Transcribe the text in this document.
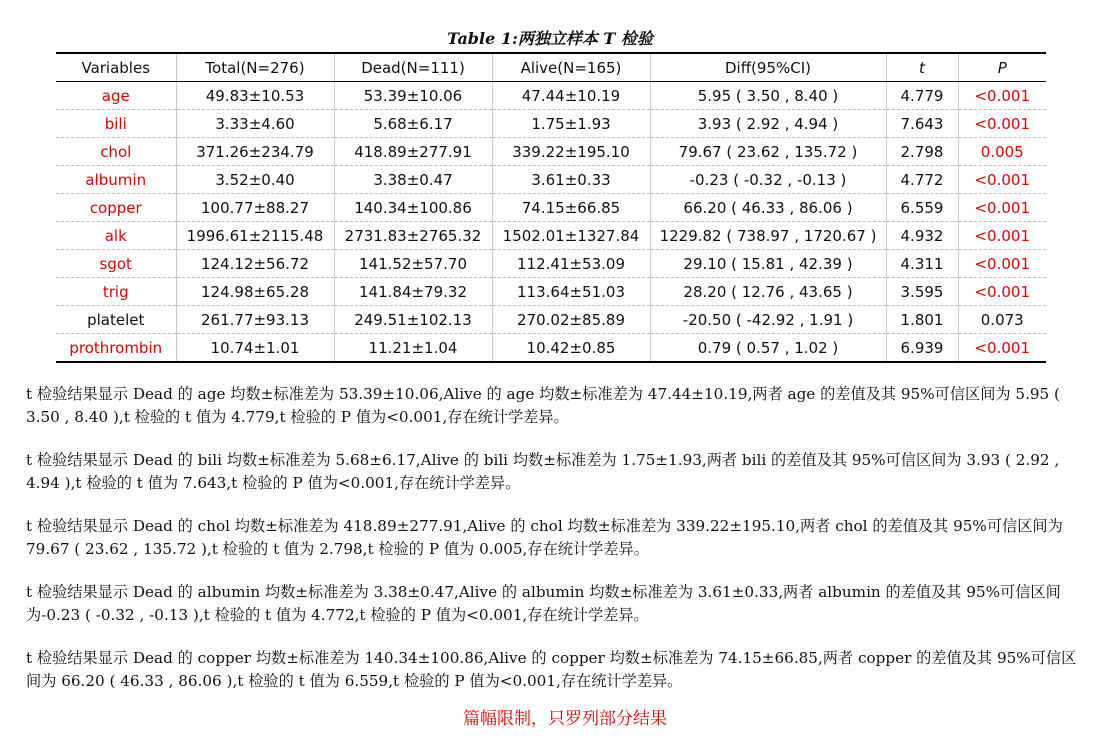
Table 1:两独立样本 T 检验
Variables	Total(N=276)	Dead(N=111)	Alive(N=165)	Diff(95%CI)	t	P
age	49.83±10.53	53.39±10.06	47.44±10.19	5.95 ( 3.50 , 8.40 )	4.779	<0.001
bili	3.33±4.60	5.68±6.17	1.75±1.93	3.93 ( 2.92 , 4.94 )	7.643	<0.001
chol	371.26±234.79	418.89±277.91	339.22±195.10	79.67 ( 23.62 , 135.72 )	2.798	0.005
albumin	3.52±0.40	3.38±0.47	3.61±0.33	-0.23 ( -0.32 , -0.13 )	4.772	<0.001
copper	100.77±88.27	140.34±100.86	74.15±66.85	66.20 ( 46.33 , 86.06 )	6.559	<0.001
alk	1996.61±2115.48	2731.83±2765.32	1502.01±1327.84	1229.82 ( 738.97 , 1720.67 )	4.932	<0.001
sgot	124.12±56.72	141.52±57.70	112.41±53.09	29.10 ( 15.81 , 42.39 )	4.311	<0.001
trig	124.98±65.28	141.84±79.32	113.64±51.03	28.20 ( 12.76 , 43.65 )	3.595	<0.001
platelet	261.77±93.13	249.51±102.13	270.02±85.89	-20.50 ( -42.92 , 1.91 )	1.801	0.073
prothrombin	10.74±1.01	11.21±1.04	10.42±0.85	0.79 ( 0.57 , 1.02 )	6.939	<0.001

t 检验结果显示 Dead 的 age 均数±标准差为 53.39±10.06,Alive 的 age 均数±标准差为 47.44±10.19,两者 age 的差值及其 95%可信区间为 5.95 ( 3.50 , 8.40 ),t 检验的 t 值为 4.779,t 检验的 P 值为<0.001,存在统计学差异。

t 检验结果显示 Dead 的 bili 均数±标准差为 5.68±6.17,Alive 的 bili 均数±标准差为 1.75±1.93,两者 bili 的差值及其 95%可信区间为 3.93 ( 2.92 , 4.94 ),t 检验的 t 值为 7.643,t 检验的 P 值为<0.001,存在统计学差异。

t 检验结果显示 Dead 的 chol 均数±标准差为 418.89±277.91,Alive 的 chol 均数±标准差为 339.22±195.10,两者 chol 的差值及其 95%可信区间为 79.67 ( 23.62 , 135.72 ),t 检验的 t 值为 2.798,t 检验的 P 值为 0.005,存在统计学差异。

t 检验结果显示 Dead 的 albumin 均数±标准差为 3.38±0.47,Alive 的 albumin 均数±标准差为 3.61±0.33,两者 albumin 的差值及其 95%可信区间为-0.23 ( -0.32 , -0.13 ),t 检验的 t 值为 4.772,t 检验的 P 值为<0.001,存在统计学差异。

t 检验结果显示 Dead 的 copper 均数±标准差为 140.34±100.86,Alive 的 copper 均数±标准差为 74.15±66.85,两者 copper 的差值及其 95%可信区间为 66.20 ( 46.33 , 86.06 ),t 检验的 t 值为 6.559,t 检验的 P 值为<0.001,存在统计学差异。

篇幅限制，只罗列部分结果
